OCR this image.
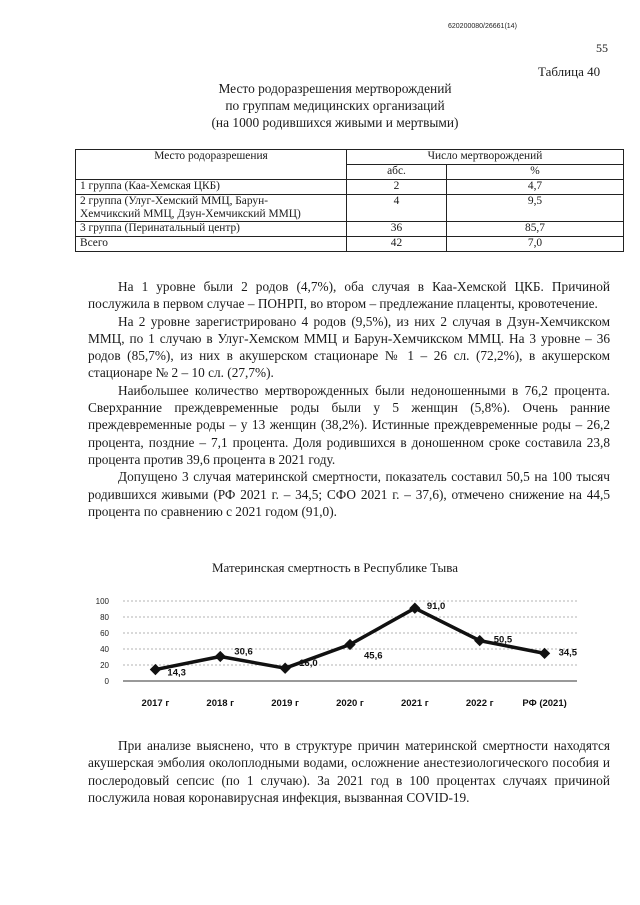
620200080/26661(14)
55
Таблица 40
Место родоразрешения мертворождений
по группам медицинских организаций
(на 1000 родившихся живыми и мертвыми)
Место родоразрешения	Число мертворождений	
	абс.	%
1 группа (Каа-Хемская ЦКБ)	2	4,7
2 группа (Улуг-Хемский ММЦ, Барун-
Хемчикский ММЦ, Дзун-Хемчикский ММЦ)	4	9,5
3 группа (Перинатальный центр)	36	85,7
Всего	42	7,0

На 1 уровне были 2 родов (4,7%), оба случая в Каа-Хемской ЦКБ. Причиной послужила в первом случае – ПОНРП, во втором – предлежание плаценты, кровотечение.

На 2 уровне зарегистрировано 4 родов (9,5%), из них 2 случая в Дзун-Хемчикском ММЦ, по 1 случаю в Улуг-Хемском ММЦ и Барун-Хемчикском ММЦ. На 3 уровне – 36 родов (85,7%), из них в акушерском стационаре № 1 – 26 сл. (72,2%), в акушерском стационаре № 2 – 10 сл. (27,7%).

Наибольшее количество мертворожденных были недоношенными в 76,2 процента. Сверхранние преждевременные роды были у 5 женщин (5,8%). Очень ранние преждевременные роды – у 13 женщин (38,2%). Истинные преждевременные роды – 26,2 процента, поздние – 7,1 процента. Доля родившихся в доношенном сроке составила 23,8 процента против 39,6 процента в 2021 году.

Допущено 3 случая материнской смертности, показатель составил 50,5 на 100 тысяч родившихся живыми (РФ 2021 г. – 34,5; СФО 2021 г. – 37,6), отмечено снижение на 44,5 процента по сравнению с 2021 годом (91,0).

Материнская смертность в Республике Тыва
100
80
60
40
20
0
2017 г	2018 г	2019 г	2020 г	2021 г	2022 г	РФ (2021)
14,3
30,6
16,0
45,6
91,0
50,5
34,5

При анализе выяснено, что в структуре причин материнской смертности находятся акушерская эмболия околоплодными водами, осложнение анестезиологического пособия и послеродовый сепсис (по 1 случаю). За 2021 год в 100 процентах случаях причиной послужила новая коронавирусная инфекция, вызванная COVID-19.
